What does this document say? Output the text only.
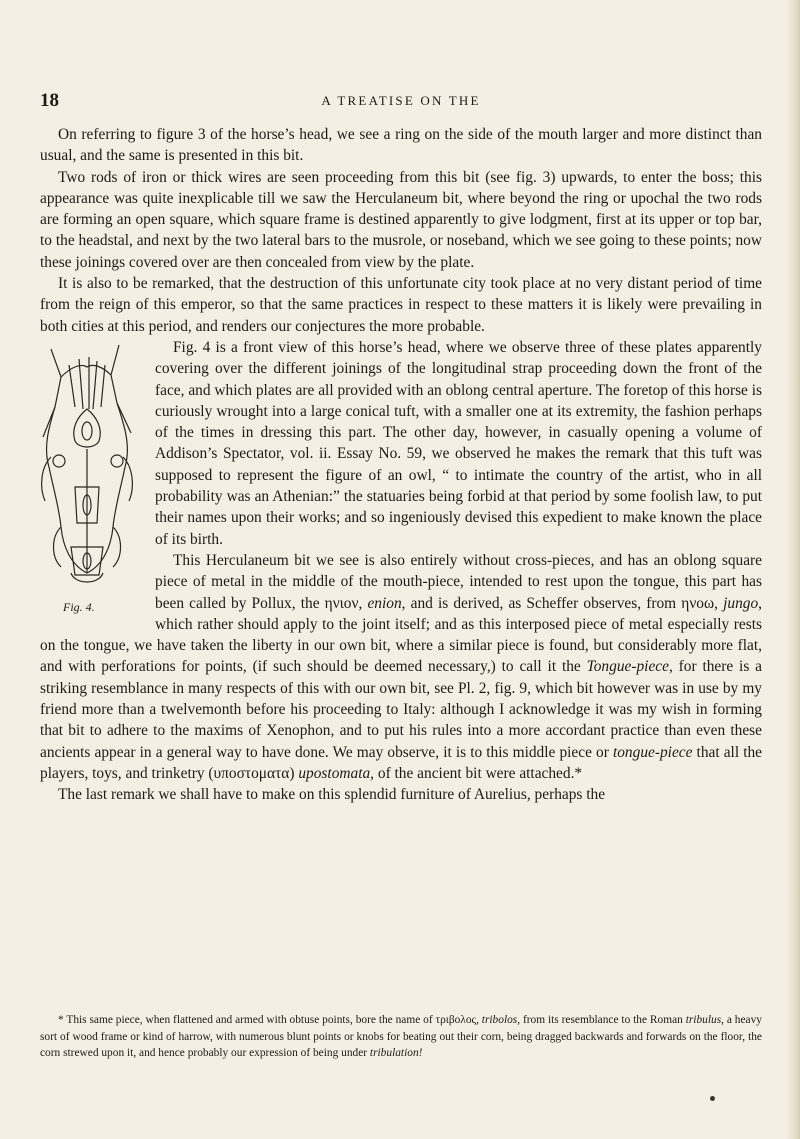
18	A TREATISE ON THE

On referring to figure 3 of the horse’s head, we see a ring on the side of the mouth larger and more distinct than usual, and the same is presented in this bit.

Two rods of iron or thick wires are seen proceeding from this bit (see fig. 3) upwards, to enter the boss; this appearance was quite inexplicable till we saw the Herculaneum bit, where beyond the ring or upochal the two rods are forming an open square, which square frame is destined apparently to give lodgment, first at its upper or top bar, to the headstal, and next by the two lateral bars to the musrole, or noseband, which we see going to these points; now these joinings covered over are then concealed from view by the plate.

It is also to be remarked, that the destruction of this unfortunate city took place at no very distant period of time from the reign of this emperor, so that the same practices in respect to these matters it is likely were prevailing in both cities at this period, and renders our conjectures the more probable.

Fig. 4.
Fig. 4 is a front view of this horse’s head, where we observe three of these plates apparently covering over the different joinings of the longitudinal strap proceeding down the front of the face, and which plates are all provided with an oblong central aperture. The foretop of this horse is curiously wrought into a large conical tuft, with a smaller one at its extremity, the fashion perhaps of the times in dressing this part. The other day, however, in casually opening a volume of Addison’s Spectator, vol. ii. Essay No. 59, we observed he makes the remark that this tuft was supposed to represent the figure of an owl, “ to intimate the country of the artist, who in all probability was an Athenian:” the statuaries being forbid at that period by some foolish law, to put their names upon their works; and so ingeniously devised this expedient to make known the place of its birth.

This Herculaneum bit we see is also entirely without cross-pieces, and has an oblong square piece of metal in the middle of the mouth-piece, intended to rest upon the tongue, this part has been called by Pollux, the ηνιον, enion, and is derived, as Scheffer observes, from ηνοω, jungo, which rather should apply to the joint itself; and as this interposed piece of metal especially rests on the tongue, we have taken the liberty in our own bit, where a similar piece is found, but considerably more flat, and with perforations for points, (if such should be deemed necessary,) to call it the Tongue-piece, for there is a striking resemblance in many respects of this with our own bit, see Pl. 2, fig. 9, which bit however was in use by my friend more than a twelvemonth before his proceeding to Italy: although I acknowledge it was my wish in forming that bit to adhere to the maxims of Xenophon, and to put his rules into a more accordant practice than even these ancients appear in a general way to have done. We may observe, it is to this middle piece or tongue-piece that all the players, toys, and trinketry (υποστοματα) upostomata, of the ancient bit were attached.*

The last remark we shall have to make on this splendid furniture of Aurelius, perhaps the

* This same piece, when flattened and armed with obtuse points, bore the name of τριβολος, tribolos, from its resemblance to the Roman tribulus, a heavy sort of wood frame or kind of harrow, with numerous blunt points or knobs for beating out their corn, being dragged backwards and forwards on the floor, the corn strewed upon it, and hence probably our expression of being under tribulation!
